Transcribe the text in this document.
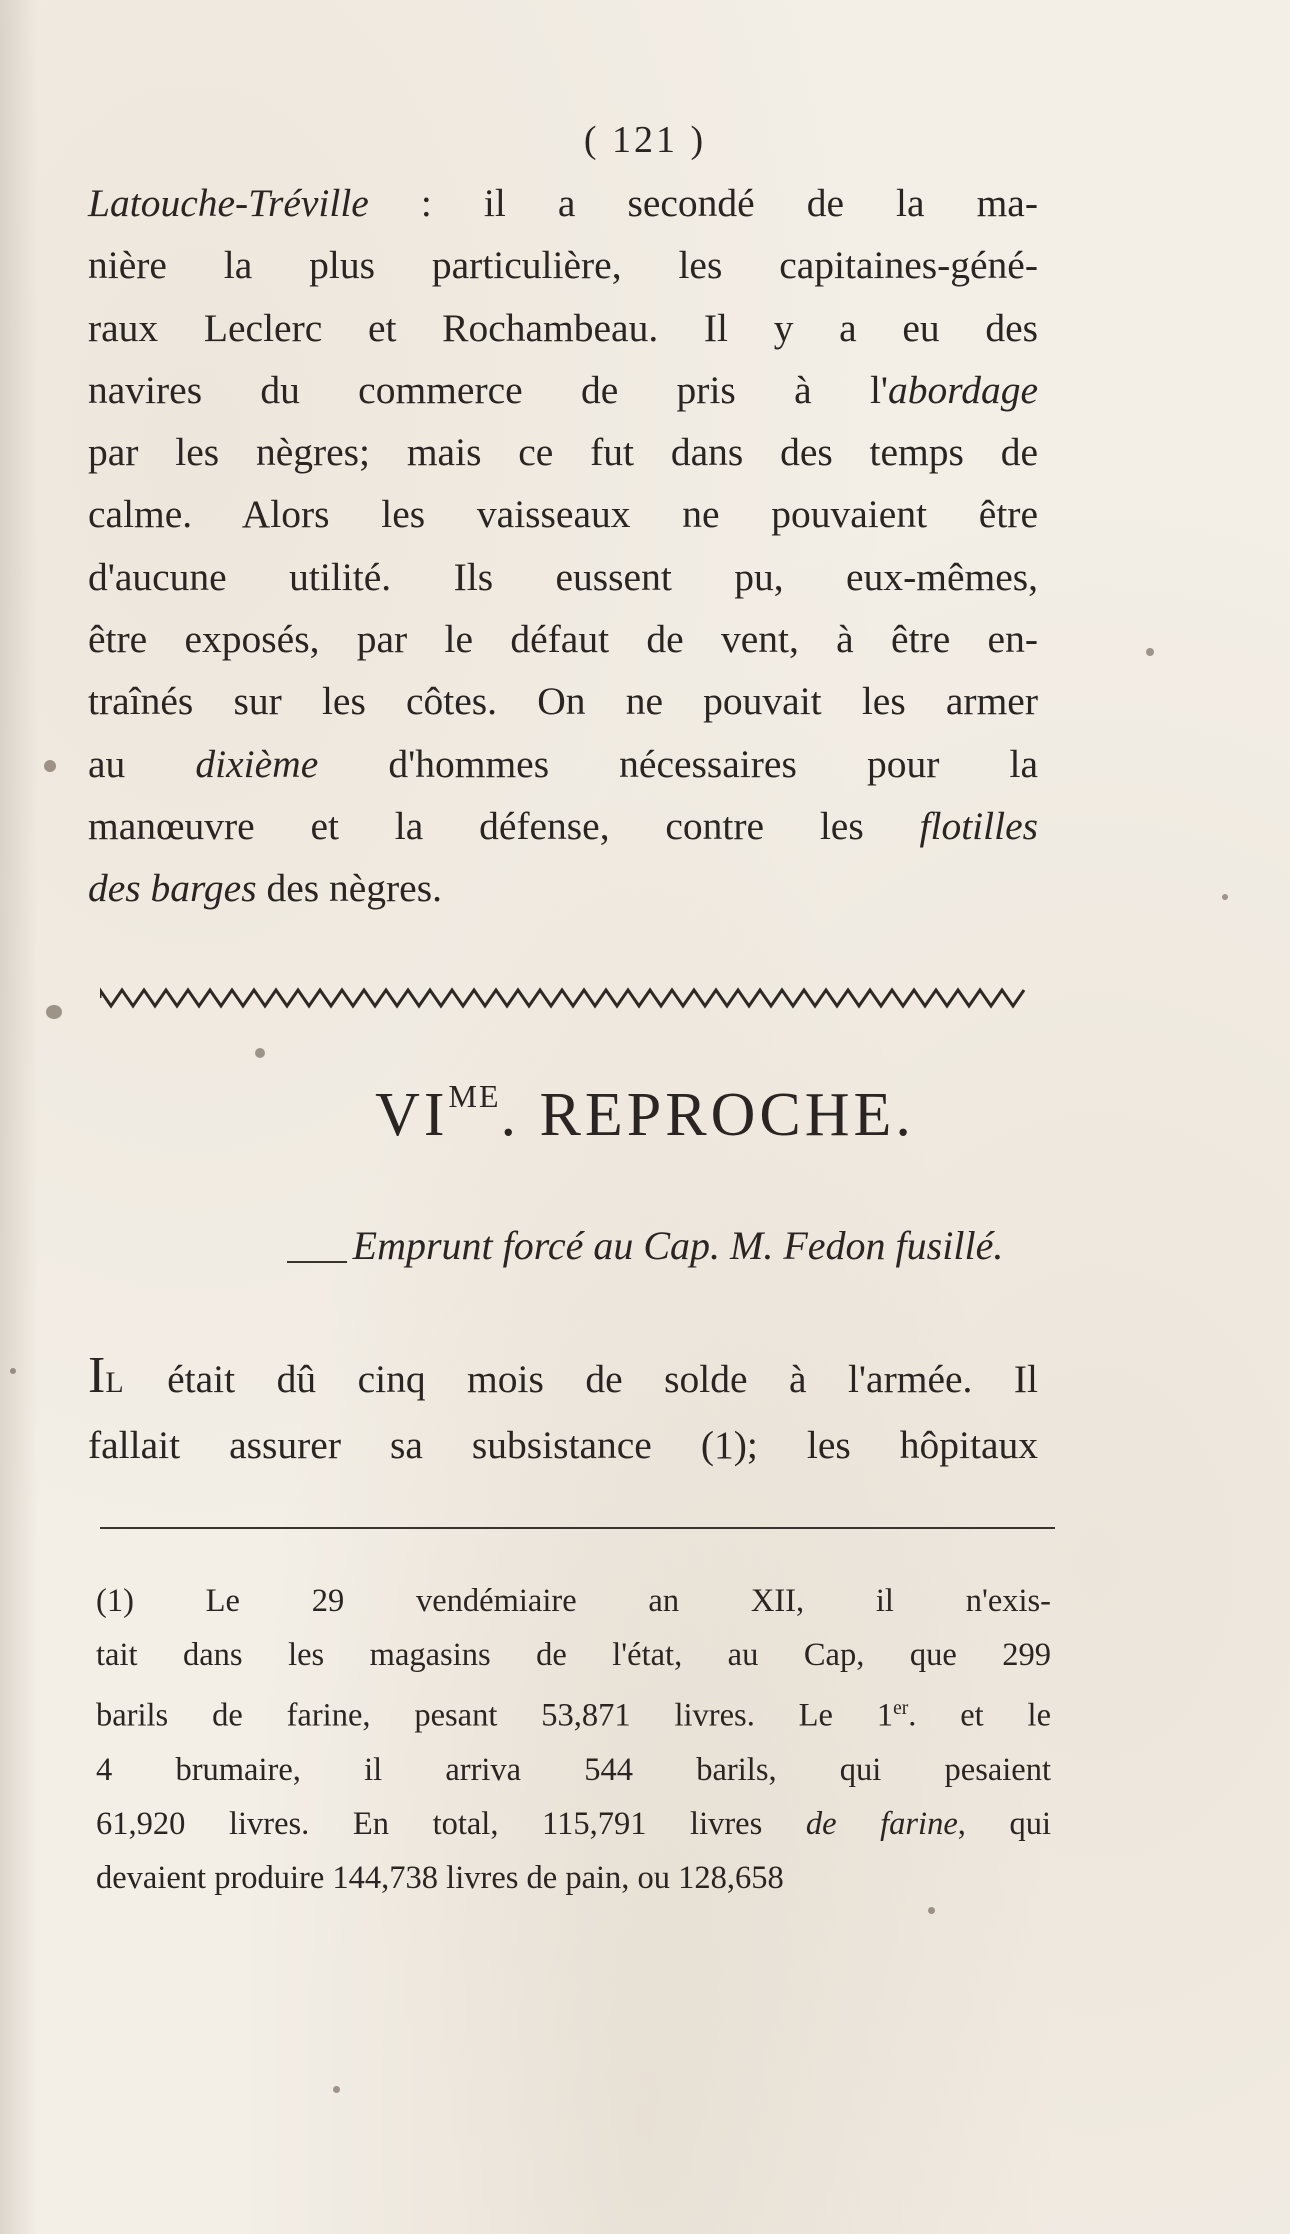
( 121 )

Latouche-Tréville : il a secondé de la ma-

nière la plus particulière, les capitaines-géné-

raux Leclerc et Rochambeau. Il y a eu des

navires du commerce de pris à l'abordage

par les nègres; mais ce fut dans des temps de

calme. Alors les vaisseaux ne pouvaient être

d'aucune utilité. Ils eussent pu, eux-mêmes,

être exposés, par le défaut de vent, à être en-

traînés sur les côtes. On ne pouvait les armer

au dixième d'hommes nécessaires pour la

manœuvre et la défense, contre les flotilles

des barges des nègres.

$VI^{ME}$. REPROCHE.
Emprunt forcé au Cap. M. Fedon fusillé.

IL était dû cinq mois de solde à l'armée. Il

fallait assurer sa subsistance (1); les hôpitaux

(1) Le 29 vendémiaire an XII, il n'exis-

tait dans les magasins de l'état, au Cap, que 299

barils de farine, pesant 53,871 livres. Le 1er. et le

4 brumaire, il arriva 544 barils, qui pesaient

61,920 livres. En total, 115,791 livres de farine, qui

devaient produire 144,738 livres de pain, ou 128,658
